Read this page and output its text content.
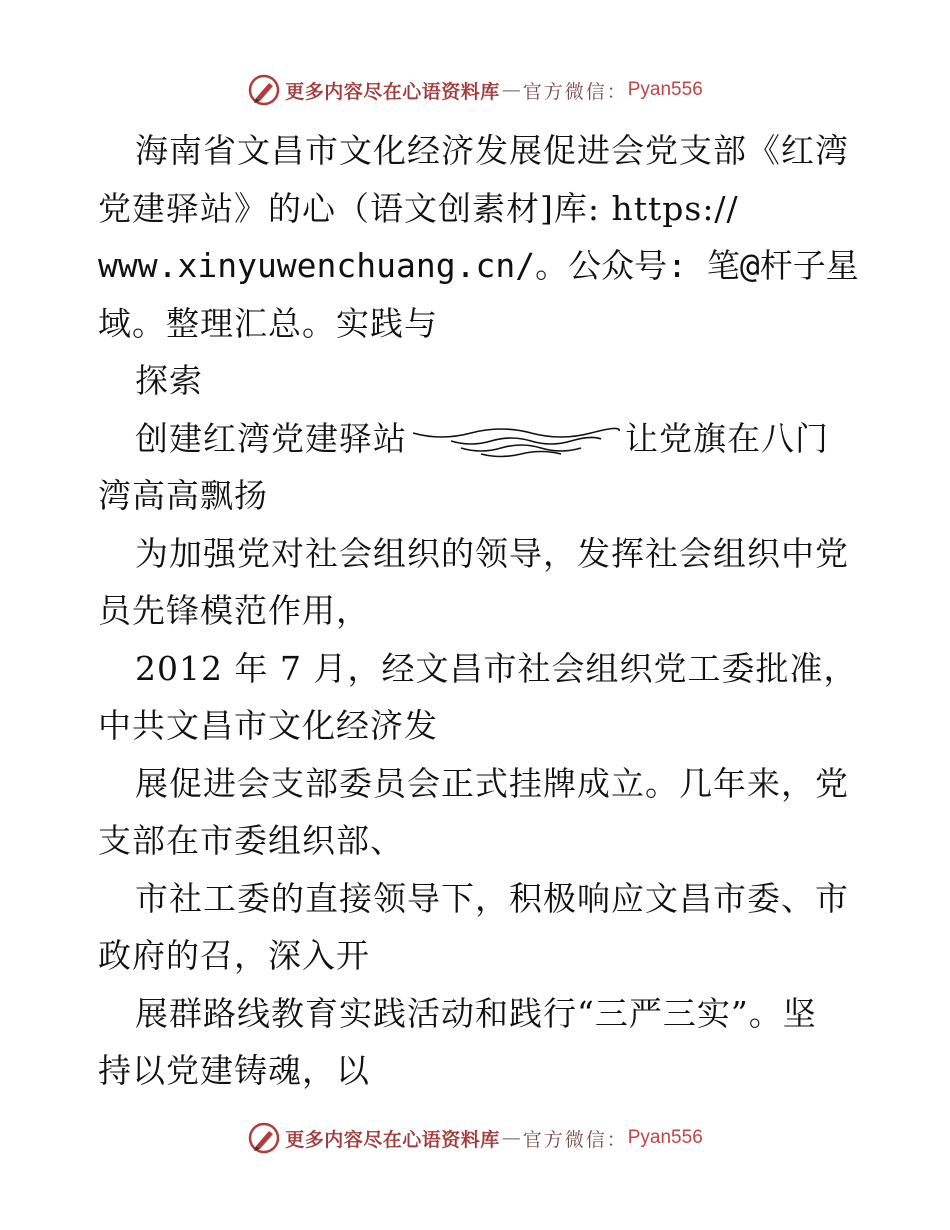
更多内容尽在心语资料库 — 官方微信： Pyan556
海南省文昌市文化经济发展促进会党支部《红湾
党建驿站》的心（语文创素材]库: https://
www.xinyuwenchuang.cn/。公众号: 笔@杆子星
域。整理汇总。实践与
探索
创建红湾党建驿站	让党旗在八门
湾高高飘扬
为加强党对社会组织的领导，发挥社会组织中党
员先锋模范作用，
2012 年 7 月，经文昌市社会组织党工委批准，
中共文昌市文化经济发
展促进会支部委员会正式挂牌成立。几年来，党
支部在市委组织部、
市社工委的直接领导下，积极响应文昌市委、市
政府的召，深入开
展群路线教育实践活动和践行“三严三实”。坚
持以党建铸魂，以
更多内容尽在心语资料库 — 官方微信： Pyan556
